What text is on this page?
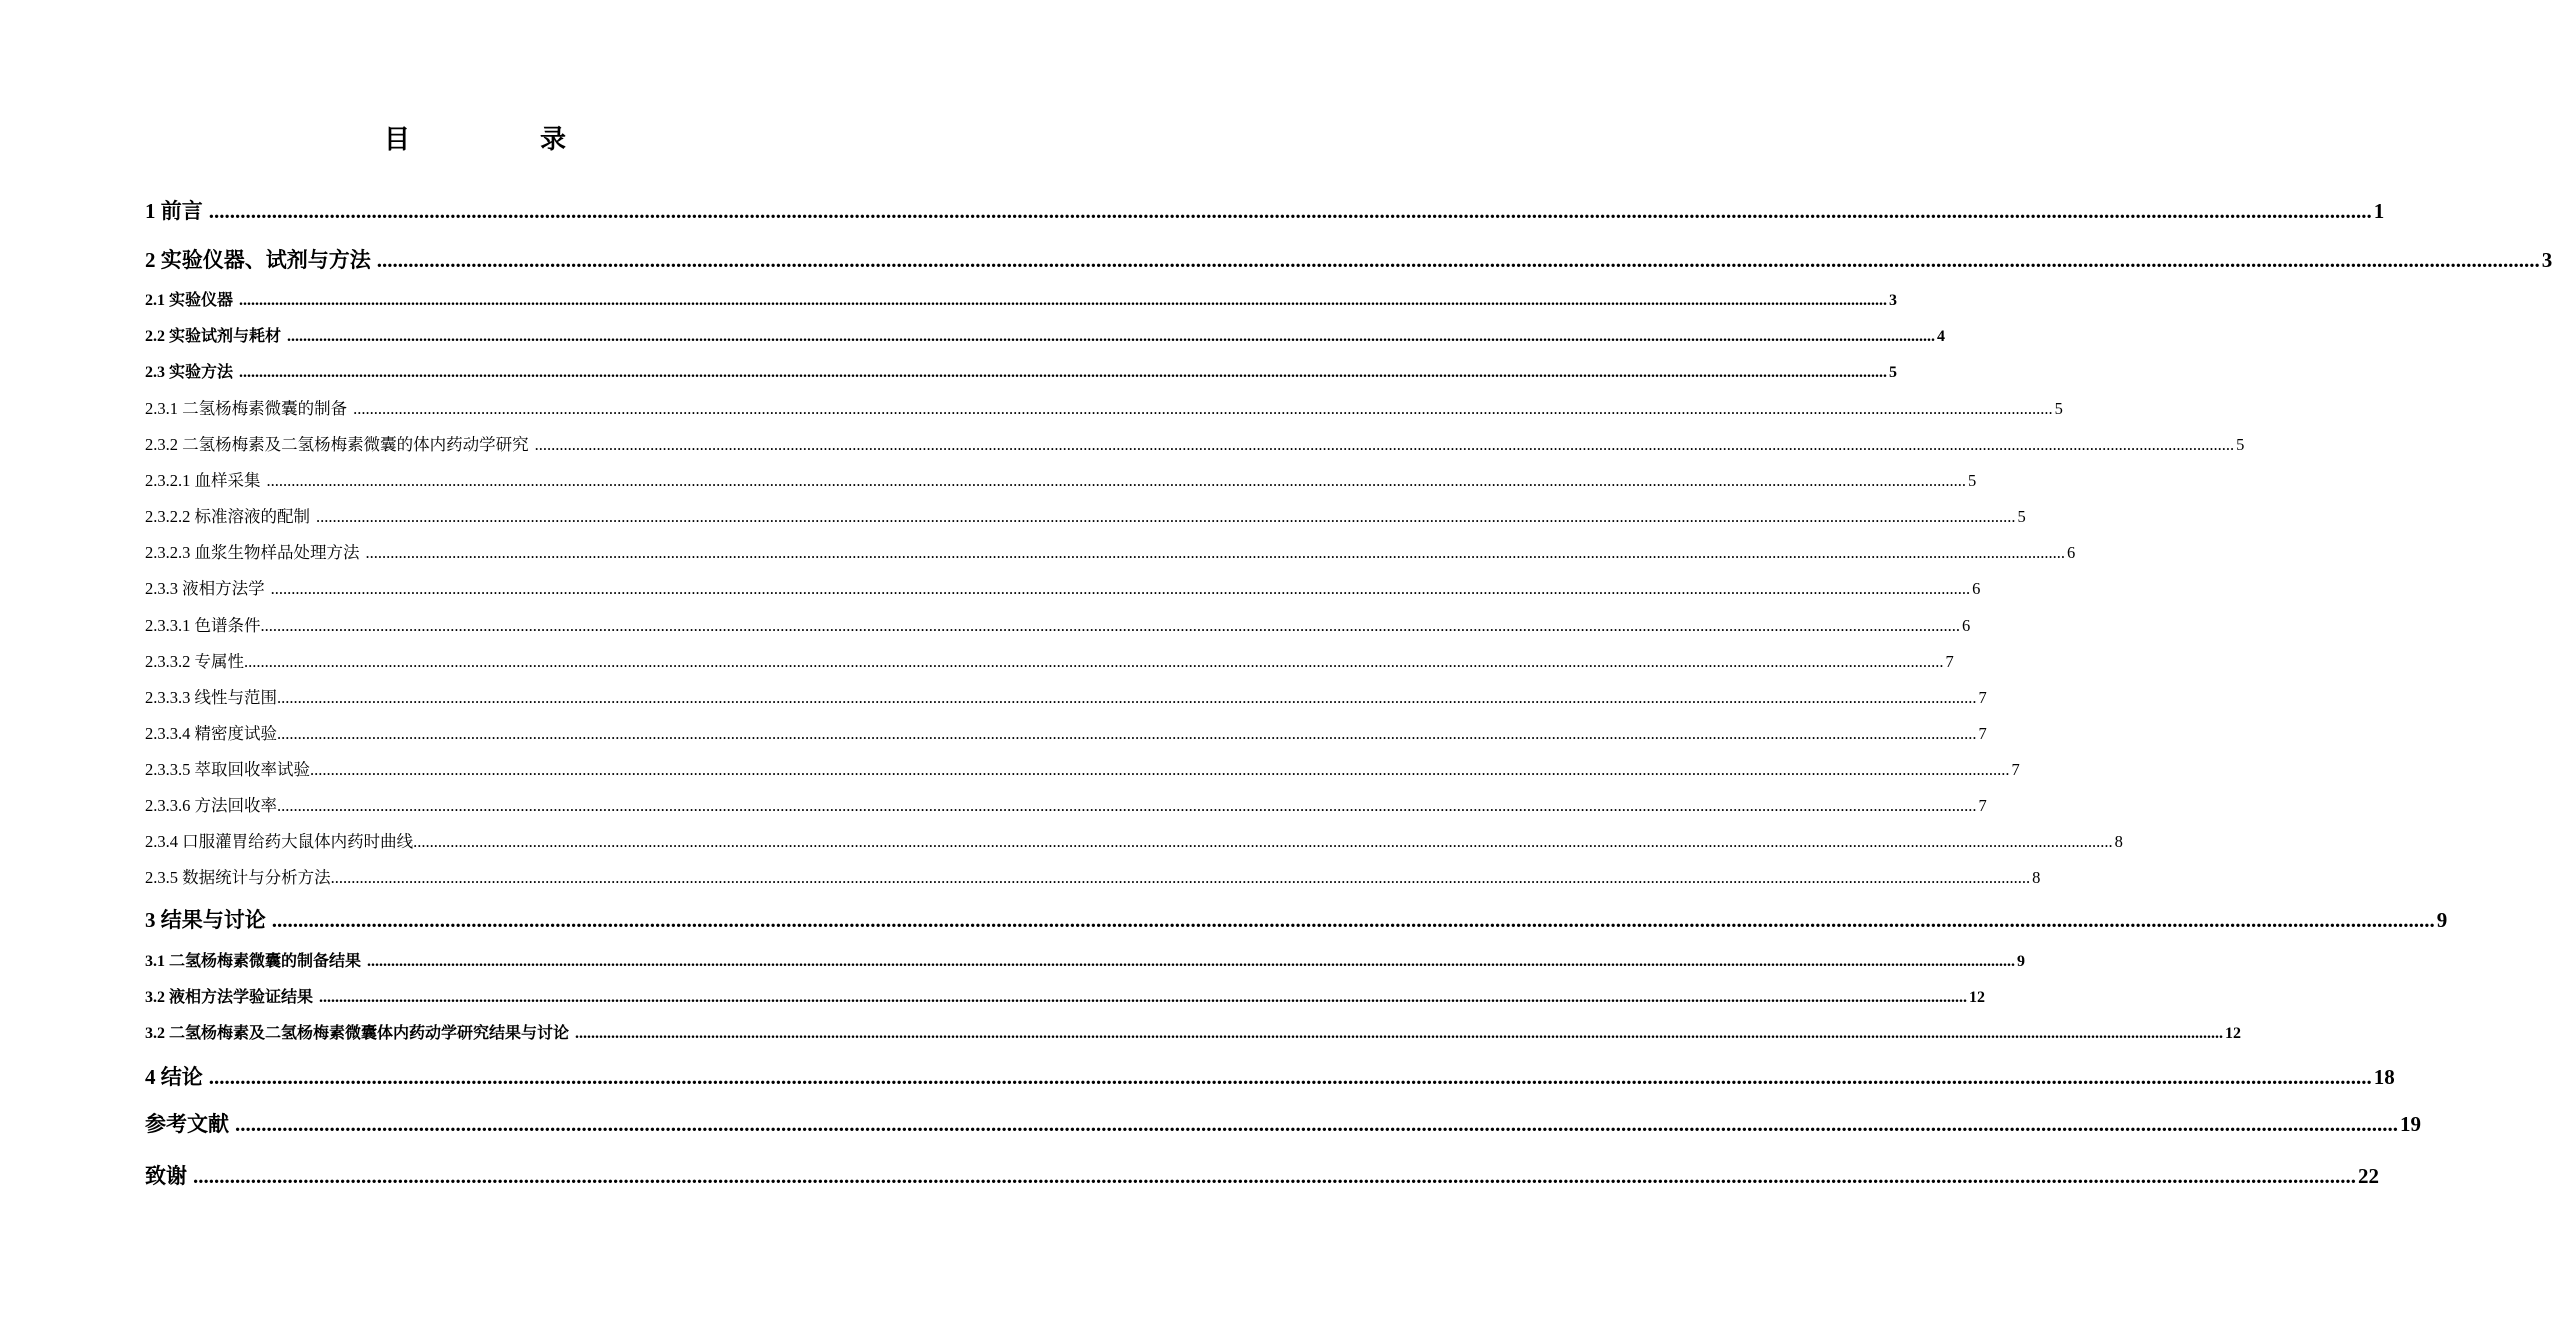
目　录
1 前言 ............................................................................................................................................................................................................................................................................................................................................................................................................................ 1
2 实验仪器、试剂与方法 ............................................................................................................................................................................................................................................................................................................................................................................................................................ 3
2.1 实验仪器 ............................................................................................................................................................................................................................................................................................................................................................................................................................ 3
2.2 实验试剂与耗材 ............................................................................................................................................................................................................................................................................................................................................................................................................................ 4
2.3 实验方法 ............................................................................................................................................................................................................................................................................................................................................................................................................................ 5
2.3.1 二氢杨梅素微囊的制备 ............................................................................................................................................................................................................................................................................................................................................................................................................................ 5
2.3.2 二氢杨梅素及二氢杨梅素微囊的体内药动学研究 ............................................................................................................................................................................................................................................................................................................................................................................................................................ 5
2.3.2.1 血样采集 ............................................................................................................................................................................................................................................................................................................................................................................................................................ 5
2.3.2.2 标准溶液的配制 ............................................................................................................................................................................................................................................................................................................................................................................................................................ 5
2.3.2.3 血浆生物样品处理方法 ............................................................................................................................................................................................................................................................................................................................................................................................................................ 6
2.3.3 液相方法学 ............................................................................................................................................................................................................................................................................................................................................................................................................................ 6
2.3.3.1 色谱条件 ............................................................................................................................................................................................................................................................................................................................................................................................................................ 6
2.3.3.2 专属性 ............................................................................................................................................................................................................................................................................................................................................................................................................................ 7
2.3.3.3 线性与范围 ............................................................................................................................................................................................................................................................................................................................................................................................................................ 7
2.3.3.4 精密度试验 ............................................................................................................................................................................................................................................................................................................................................................................................................................ 7
2.3.3.5 萃取回收率试验 ............................................................................................................................................................................................................................................................................................................................................................................................................................ 7
2.3.3.6 方法回收率 ............................................................................................................................................................................................................................................................................................................................................................................................................................ 7
2.3.4 口服灌胃给药大鼠体内药时曲线 ............................................................................................................................................................................................................................................................................................................................................................................................................................ 8
2.3.5 数据统计与分析方法 ............................................................................................................................................................................................................................................................................................................................................................................................................................ 8
3 结果与讨论 ............................................................................................................................................................................................................................................................................................................................................................................................................................ 9
3.1 二氢杨梅素微囊的制备结果 ............................................................................................................................................................................................................................................................................................................................................................................................................................ 9
3.2 液相方法学验证结果 ............................................................................................................................................................................................................................................................................................................................................................................................................................ 12
3.2 二氢杨梅素及二氢杨梅素微囊体内药动学研究结果与讨论 ............................................................................................................................................................................................................................................................................................................................................................................................................................ 12
4 结论 ............................................................................................................................................................................................................................................................................................................................................................................................................................ 18
参考文献 ............................................................................................................................................................................................................................................................................................................................................................................................................................ 19
致谢 ............................................................................................................................................................................................................................................................................................................................................................................................................................ 22
